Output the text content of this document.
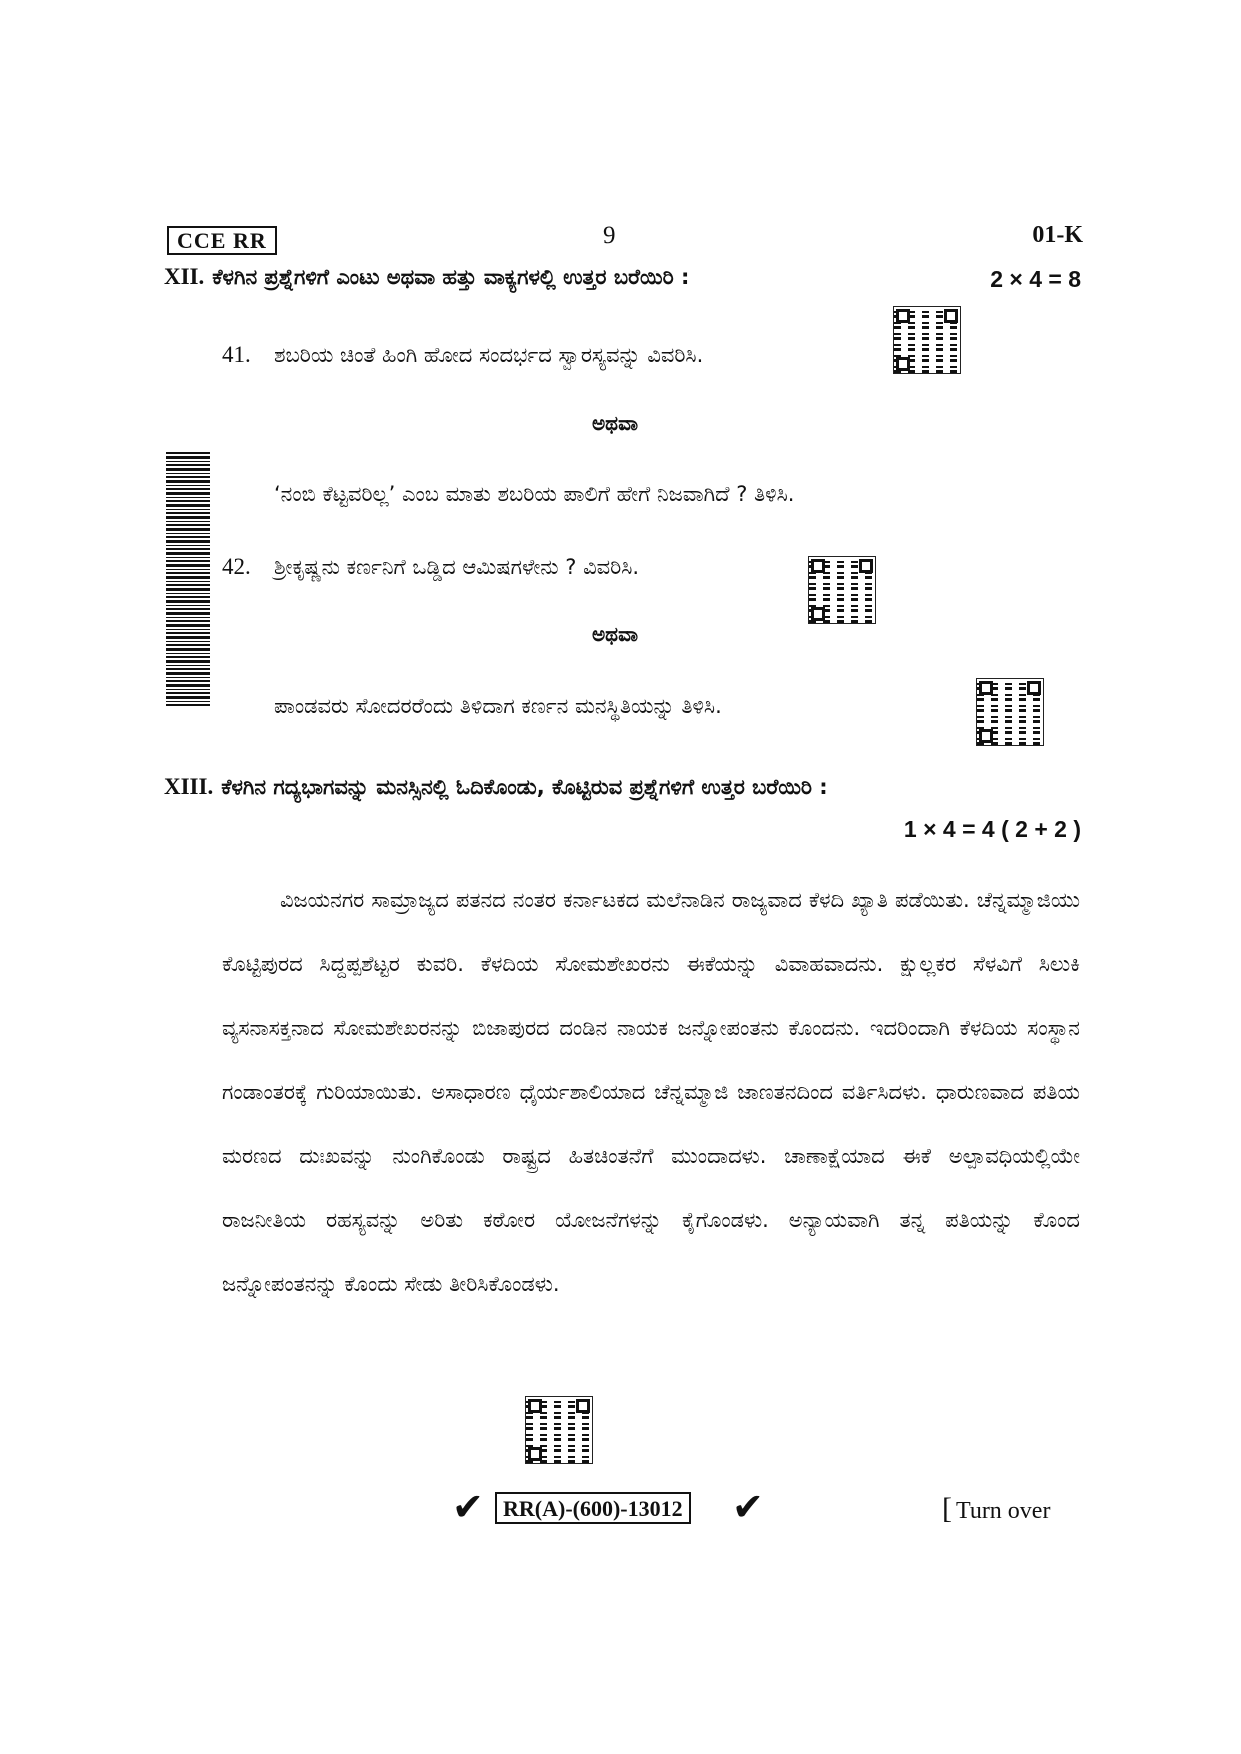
CCE RR	9	01-K
XII. ಕೆಳಗಿನ ಪ್ರಶ್ನೆಗಳಿಗೆ ಎಂಟು ಅಥವಾ ಹತ್ತು ವಾಕ್ಯಗಳಲ್ಲಿ ಉತ್ತರ ಬರೆಯಿರಿ :	2 × 4 = 8
41. ಶಬರಿಯ ಚಿಂತೆ ಹಿಂಗಿ ಹೋದ ಸಂದರ್ಭದ ಸ್ವಾರಸ್ಯವನ್ನು ವಿವರಿಸಿ.
ಅಥವಾ
‘ನಂಬಿ ಕೆಟ್ಟವರಿಲ್ಲ’ ಎಂಬ ಮಾತು ಶಬರಿಯ ಪಾಲಿಗೆ ಹೇಗೆ ನಿಜವಾಗಿದೆ ? ತಿಳಿಸಿ.
42. ಶ್ರೀಕೃಷ್ಣನು ಕರ್ಣನಿಗೆ ಒಡ್ಡಿದ ಆಮಿಷಗಳೇನು ? ವಿವರಿಸಿ.
ಅಥವಾ
ಪಾಂಡವರು ಸೋದರರೆಂದು ತಿಳಿದಾಗ ಕರ್ಣನ ಮನಸ್ಥಿತಿಯನ್ನು ತಿಳಿಸಿ.
XIII. ಕೆಳಗಿನ ಗದ್ಯಭಾಗವನ್ನು ಮನಸ್ಸಿನಲ್ಲಿ ಓದಿಕೊಂಡು, ಕೊಟ್ಟಿರುವ ಪ್ರಶ್ನೆಗಳಿಗೆ ಉತ್ತರ ಬರೆಯಿರಿ :
1 × 4 = 4 ( 2 + 2 )

ವಿಜಯನಗರ ಸಾಮ್ರಾಜ್ಯದ ಪತನದ ನಂತರ ಕರ್ನಾಟಕದ ಮಲೆನಾಡಿನ ರಾಜ್ಯವಾದ ಕೆಳದಿ ಖ್ಯಾತಿ ಪಡೆಯಿತು. ಚೆನ್ನಮ್ಮಾಜಿಯು ಕೊಟ್ಟಿಪುರದ ಸಿದ್ದಪ್ಪಶೆಟ್ಟರ ಕುವರಿ. ಕೆಳದಿಯ ಸೋಮಶೇಖರನು ಈಕೆಯನ್ನು ವಿವಾಹವಾದನು. ಕ್ಷುಲ್ಲಕರ ಸೆಳವಿಗೆ ಸಿಲುಕಿ ವ್ಯಸನಾಸಕ್ತನಾದ ಸೋಮಶೇಖರನನ್ನು ಬಿಜಾಪುರದ ದಂಡಿನ ನಾಯಕ ಜನ್ನೋಪಂತನು ಕೊಂದನು. ಇದರಿಂದಾಗಿ ಕೆಳದಿಯ ಸಂಸ್ಥಾನ ಗಂಡಾಂತರಕ್ಕೆ ಗುರಿಯಾಯಿತು. ಅಸಾಧಾರಣ ಧೈರ್ಯಶಾಲಿಯಾದ ಚೆನ್ನಮ್ಮಾಜಿ ಜಾಣತನದಿಂದ ವರ್ತಿಸಿದಳು. ಧಾರುಣವಾದ ಪತಿಯ ಮರಣದ ದುಃಖವನ್ನು ನುಂಗಿಕೊಂಡು ರಾಷ್ಟ್ರದ ಹಿತಚಿಂತನೆಗೆ ಮುಂದಾದಳು. ಚಾಣಾಕ್ಷೆಯಾದ ಈಕೆ ಅಲ್ಪಾವಧಿಯಲ್ಲಿಯೇ ರಾಜನೀತಿಯ ರಹಸ್ಯವನ್ನು ಅರಿತು ಕಠೋರ ಯೋಜನೆಗಳನ್ನು ಕೈಗೊಂಡಳು. ಅನ್ಯಾಯವಾಗಿ ತನ್ನ ಪತಿಯನ್ನು ಕೊಂದ ಜನ್ನೋಪಂತನನ್ನು ಕೊಂದು ಸೇಡು ತೀರಿಸಿಕೊಂಡಳು.

✔ RR(A)-(600)-13012 ✔	[ Turn over
